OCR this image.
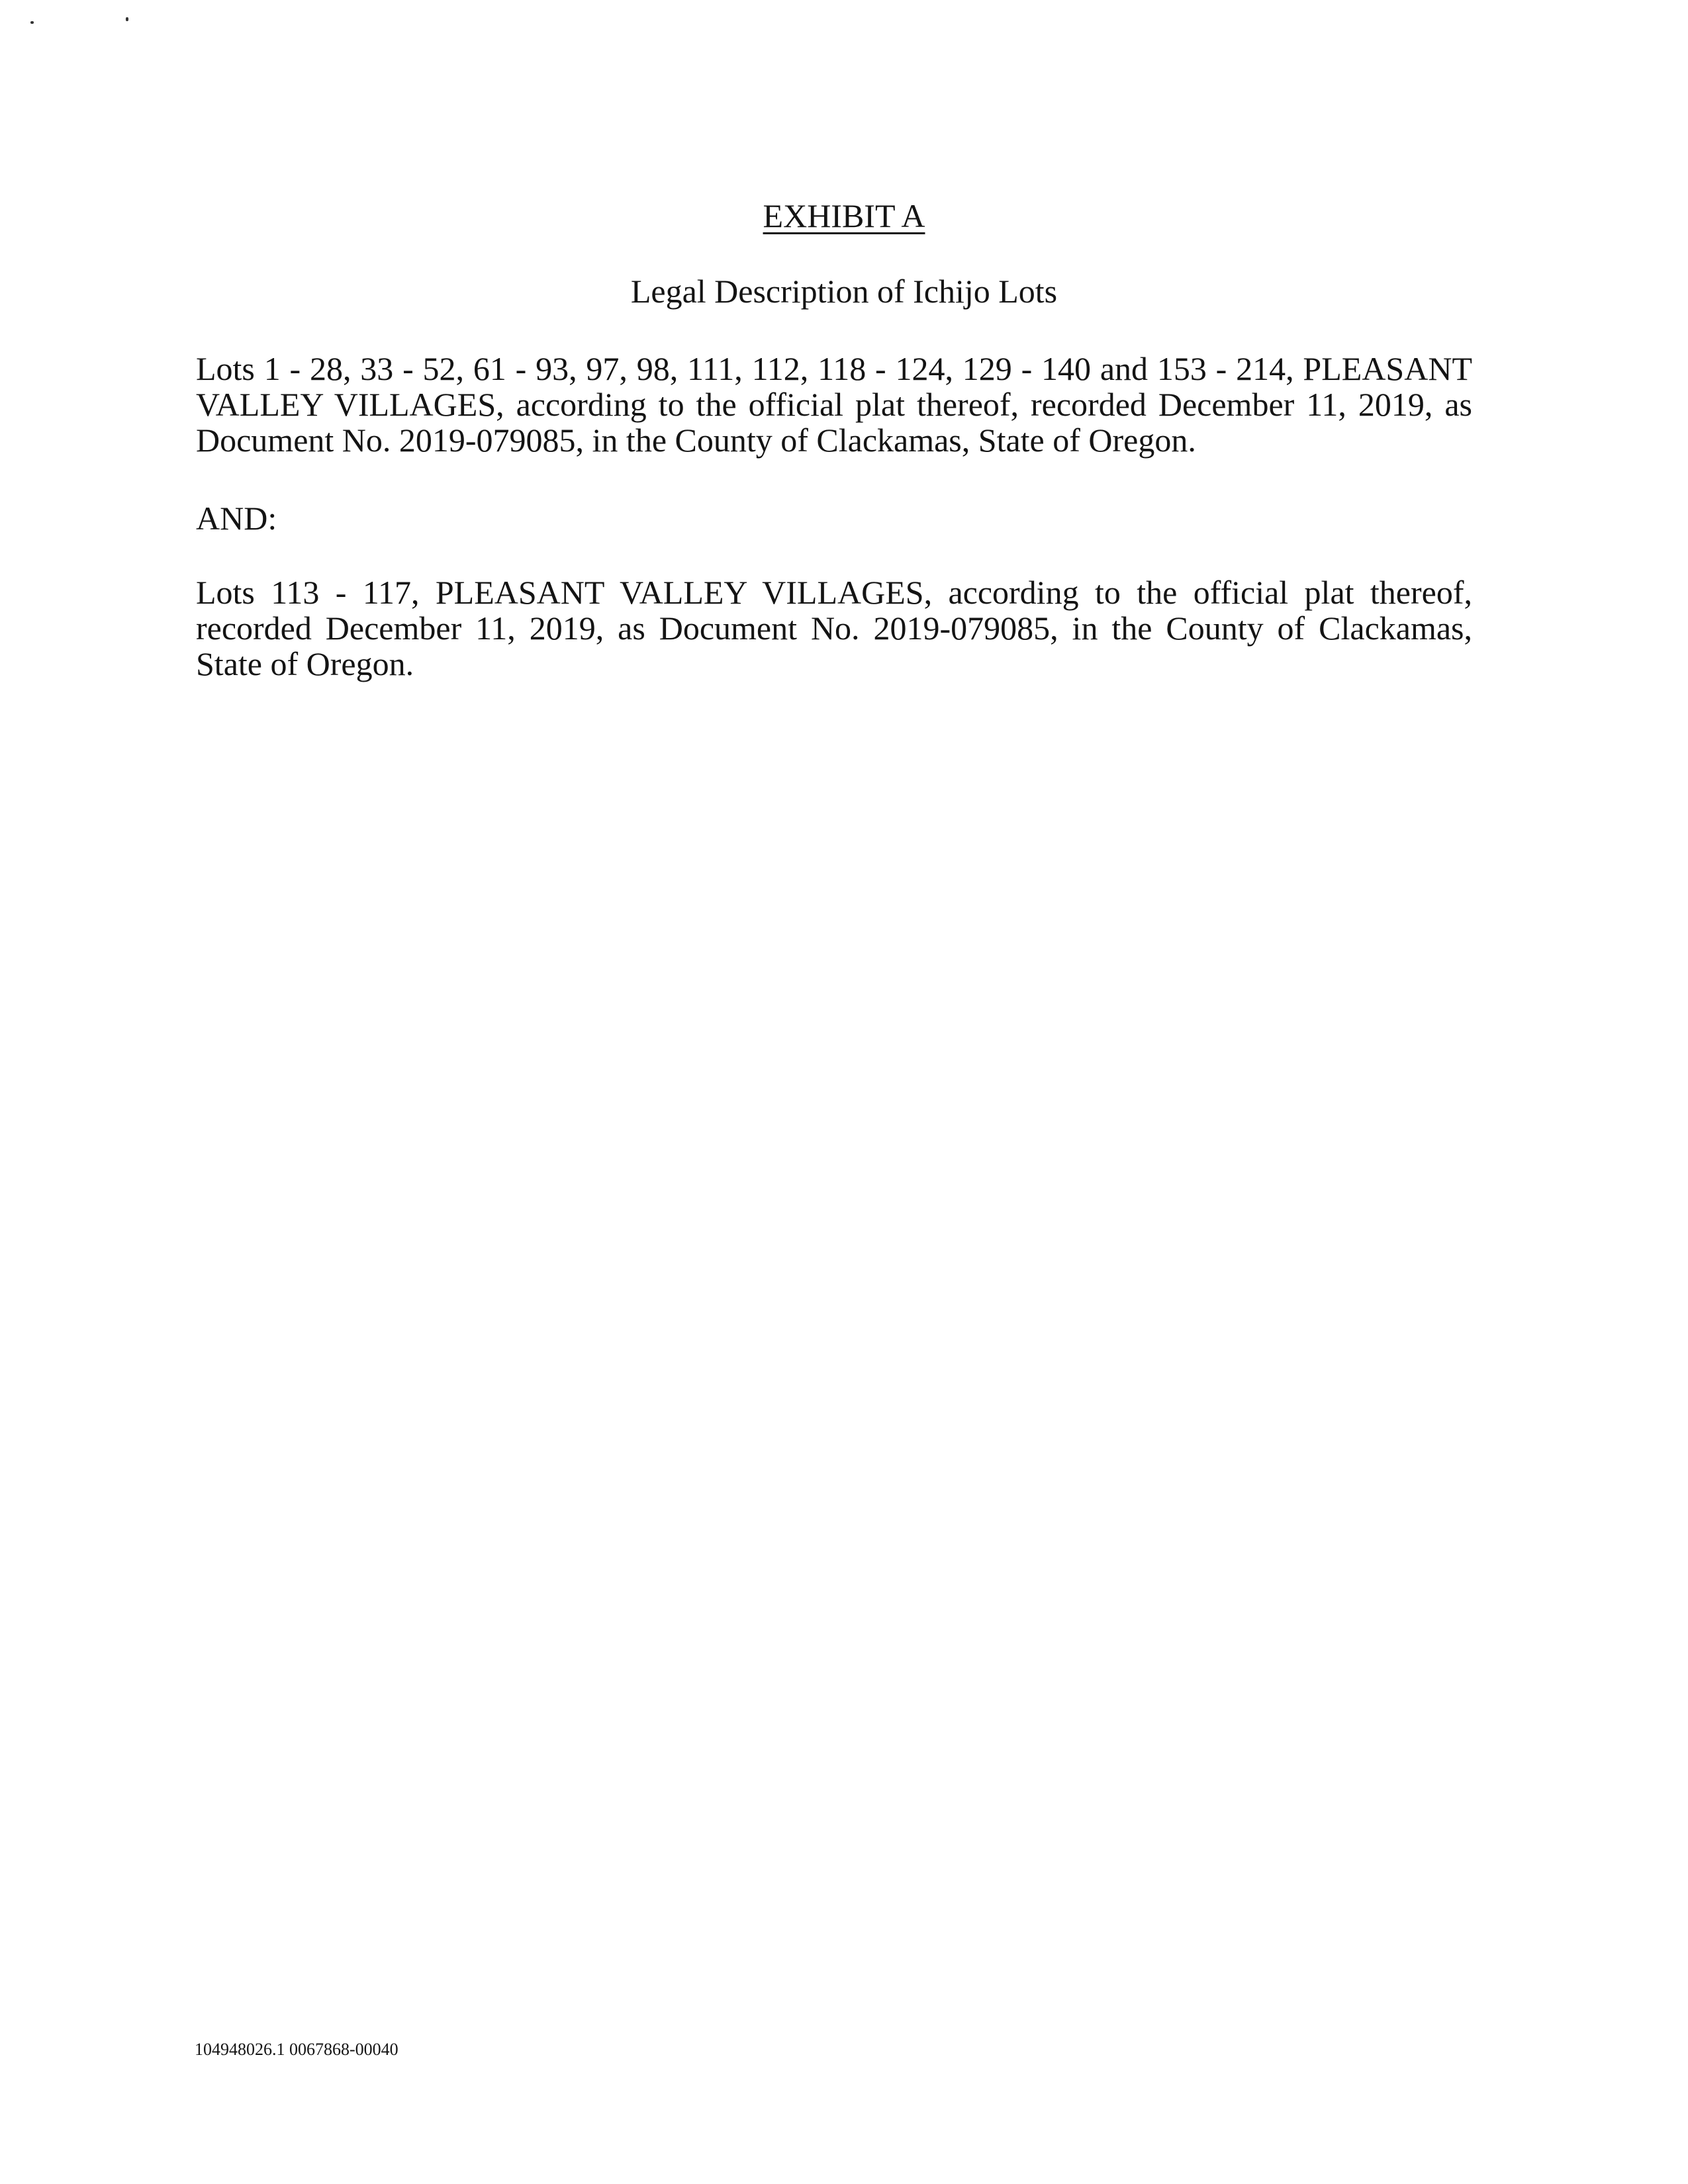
EXHIBIT A
Legal Description of Ichijo Lots

Lots 1 - 28, 33 - 52, 61 - 93, 97, 98, 111, 112, 118 - 124, 129 - 140 and 153 - 214, PLEASANT VALLEY VILLAGES, according to the official plat thereof, recorded December 11, 2019, as Document No. 2019-079085, in the County of Clackamas, State of Oregon.

AND:

Lots 113 - 117, PLEASANT VALLEY VILLAGES, according to the official plat thereof, recorded December 11, 2019, as Document No. 2019-079085, in the County of Clackamas, State of Oregon.

104948026.1 0067868-00040
